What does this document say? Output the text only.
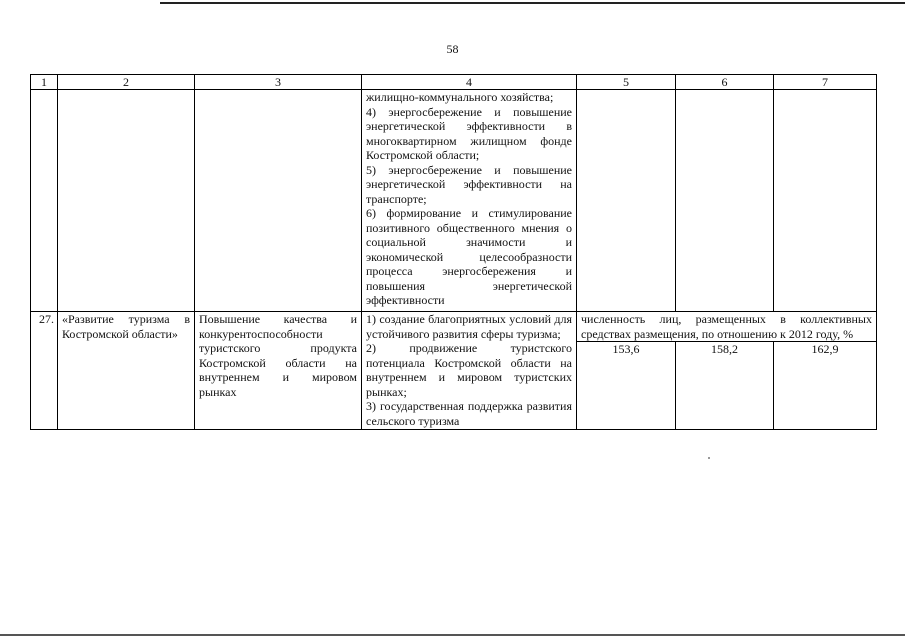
58
1	2	3	4	5	6	7
			жилищно-коммунального хозяйства;
4) энергосбережение и повышение энергетической эффективности в многоквартирном жилищном фонде Костромской области;
5) энергосбережение и повышение энергетической эффективности на транспорте;
6) формирование и стимулирование позитивного общественного мнения о социальной значимости и экономической целесообразности процесса энергосбережения и повышения энергетической эффективности			
27.	«Развитие туризма в Костромской области»	Повышение качества и конкурентоспособности туристского продукта Костромской области на внутреннем и мировом рынках	1) создание благоприятных условий для устойчивого развития сферы туризма;
2) продвижение туристского потенциала Костромской области на внутреннем и мировом туристских рынках;
3) государственная поддержка развития сельского туризма	численность лиц, размещенных в коллективных средствах размещения, по отношению к 2012 году, %		
				153,6	158,2	162,9
